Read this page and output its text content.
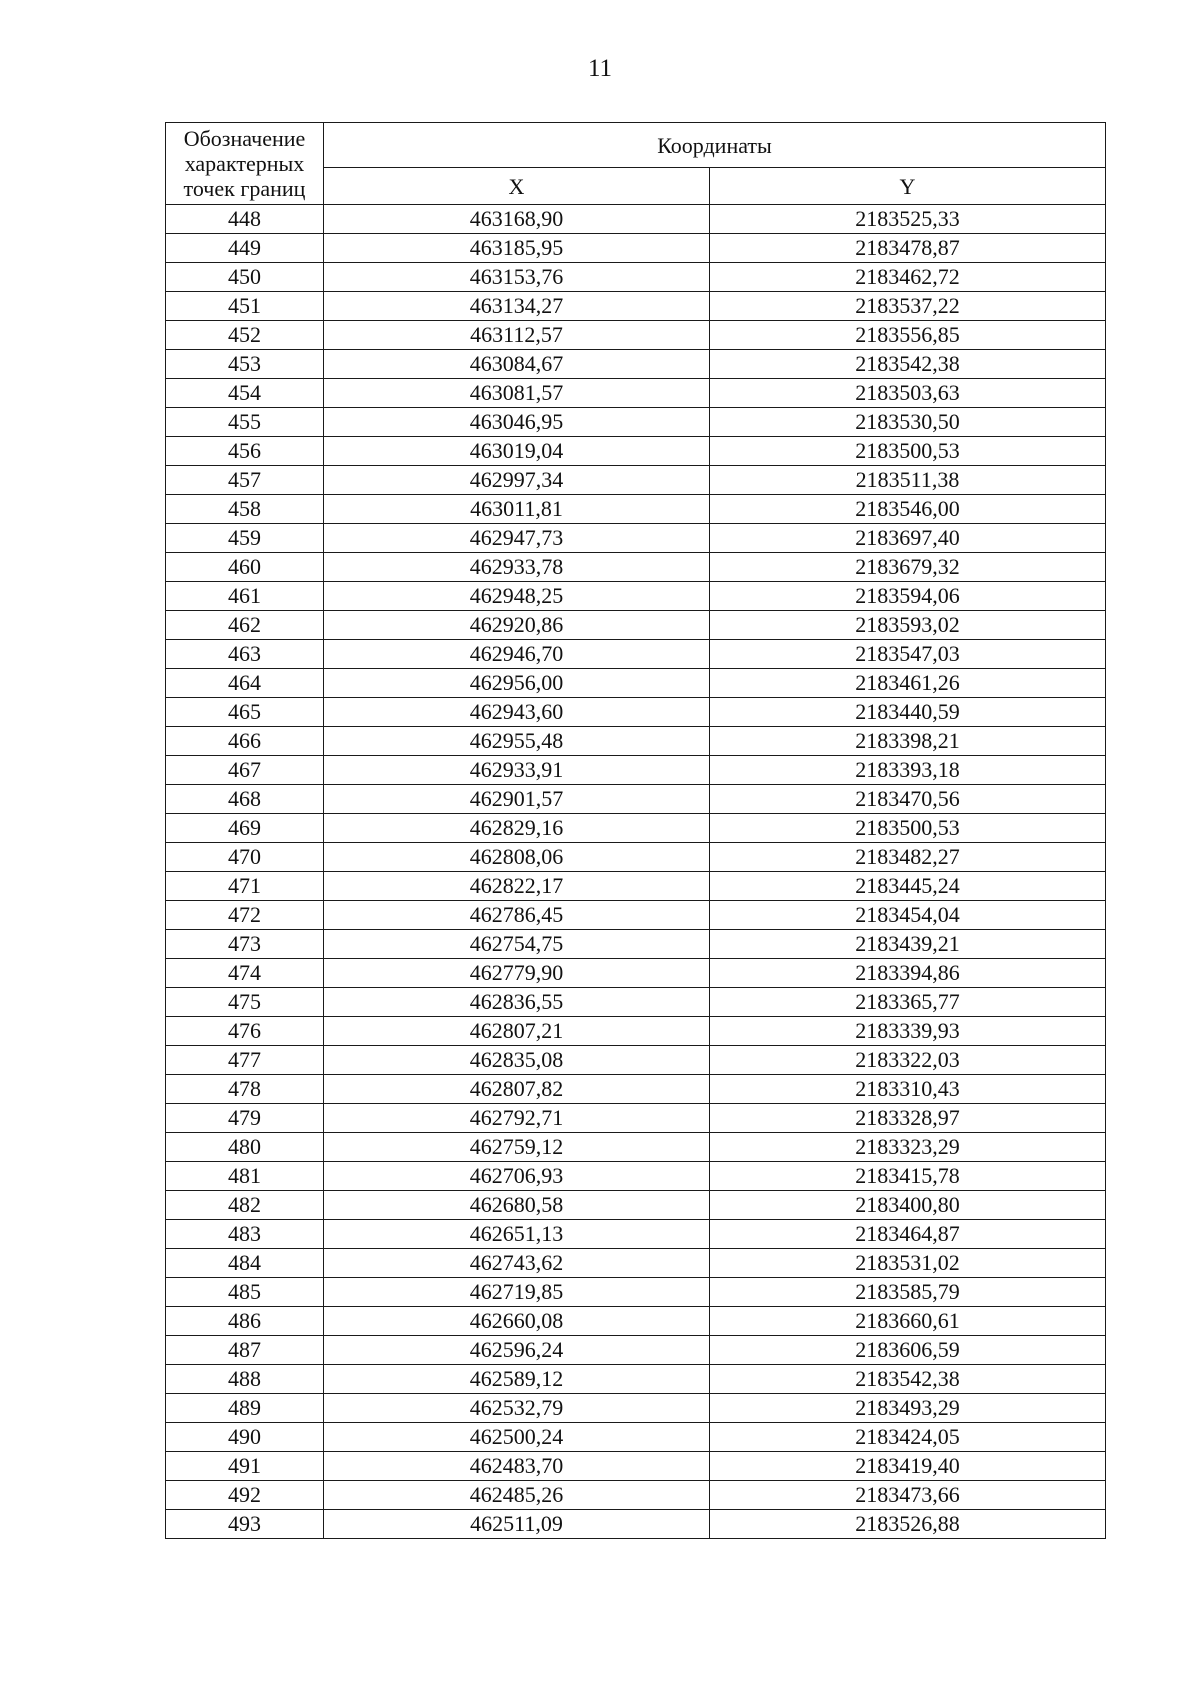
11
Обозначение характерных точек границ	Координаты	
	X	Y
448	463168,90	2183525,33
449	463185,95	2183478,87
450	463153,76	2183462,72
451	463134,27	2183537,22
452	463112,57	2183556,85
453	463084,67	2183542,38
454	463081,57	2183503,63
455	463046,95	2183530,50
456	463019,04	2183500,53
457	462997,34	2183511,38
458	463011,81	2183546,00
459	462947,73	2183697,40
460	462933,78	2183679,32
461	462948,25	2183594,06
462	462920,86	2183593,02
463	462946,70	2183547,03
464	462956,00	2183461,26
465	462943,60	2183440,59
466	462955,48	2183398,21
467	462933,91	2183393,18
468	462901,57	2183470,56
469	462829,16	2183500,53
470	462808,06	2183482,27
471	462822,17	2183445,24
472	462786,45	2183454,04
473	462754,75	2183439,21
474	462779,90	2183394,86
475	462836,55	2183365,77
476	462807,21	2183339,93
477	462835,08	2183322,03
478	462807,82	2183310,43
479	462792,71	2183328,97
480	462759,12	2183323,29
481	462706,93	2183415,78
482	462680,58	2183400,80
483	462651,13	2183464,87
484	462743,62	2183531,02
485	462719,85	2183585,79
486	462660,08	2183660,61
487	462596,24	2183606,59
488	462589,12	2183542,38
489	462532,79	2183493,29
490	462500,24	2183424,05
491	462483,70	2183419,40
492	462485,26	2183473,66
493	462511,09	2183526,88
